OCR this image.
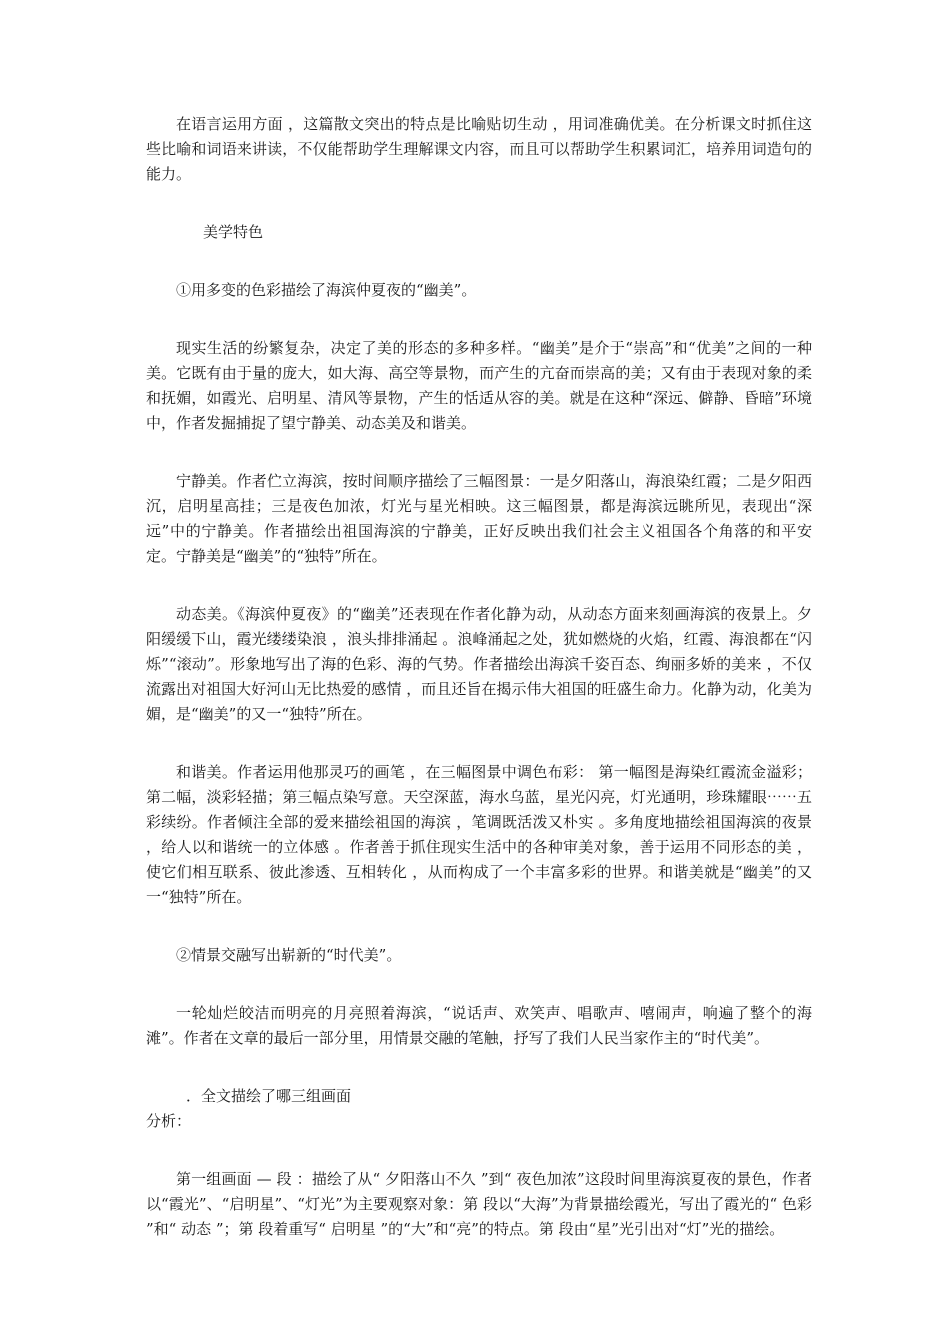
在语言运用方面 ，这篇散文突出的特点是比喻贴切生动 ，用词准确优美。在分析课文时抓住这些比喻和词语来讲读，不仅能帮助学生理解课文内容，而且可以帮助学生积累词汇，培养用词造句的能力。

美学特色

①用多变的色彩描绘了海滨仲夏夜的“幽美”。

现实生活的纷繁复杂，决定了美的形态的多种多样。“幽美”是介于“崇高”和“优美”之间的一种美。它既有由于量的庞大，如大海、高空等景物，而产生的亢奋而崇高的美；又有由于表现对象的柔和抚媚，如霞光、启明星、清风等景物，产生的恬适从容的美。就是在这种“深远、僻静、昏暗”环境中，作者发掘捕捉了望宁静美、动态美及和谐美。

宁静美。作者伫立海滨，按时间顺序描绘了三幅图景：一是夕阳落山，海浪染红霞；二是夕阳西沉，启明星高挂；三是夜色加浓，灯光与星光相映。这三幅图景，都是海滨远眺所见，表现出“深远”中的宁静美。作者描绘出祖国海滨的宁静美，正好反映出我们社会主义祖国各个角落的和平安定。宁静美是“幽美”的“独特”所在。

动态美。《海滨仲夏夜》的“幽美”还表现在作者化静为动，从动态方面来刻画海滨的夜景上。夕阳缓缓下山，霞光缕缕染浪 ，浪头排排涌起 。浪峰涌起之处，犹如燃烧的火焰，红霞、海浪都在“闪烁”“滚动”。形象地写出了海的色彩、海的气势。作者描绘出海滨千姿百态、绚丽多娇的美来 ，不仅流露出对祖国大好河山无比热爱的感情 ，而且还旨在揭示伟大祖国的旺盛生命力。化静为动，化美为媚，是“幽美”的又一“独特”所在。

和谐美。作者运用他那灵巧的画笔 ，在三幅图景中调色布彩： 第一幅图是海染红霞流金溢彩；第二幅，淡彩轻描；第三幅点染写意。天空深蓝，海水乌蓝，星光闪亮，灯光通明，珍珠耀眼⋯⋯五彩续纷。作者倾注全部的爱来描绘祖国的海滨 ，笔调既活泼又朴实 。多角度地描绘祖国海滨的夜景 ，给人以和谐统一的立体感 。作者善于抓住现实生活中的各种审美对象，善于运用不同形态的美 ，使它们相互联系、彼此渗透、互相转化 ，从而构成了一个丰富多彩的世界。和谐美就是“幽美”的又一“独特”所在。

②情景交融写出崭新的“时代美”。

一轮灿烂皎洁而明亮的月亮照着海滨，“说话声、欢笑声、唱歌声、嘻闹声，响遍了整个的海滩”。作者在文章的最后一部分里，用情景交融的笔触，抒写了我们人民当家作主的“时代美”。

．全文描绘了哪三组画面

分析：

第一组画面 — 段 ：描绘了从“ 夕阳落山不久 ”到“ 夜色加浓”这段时间里海滨夏夜的景色，作者以“霞光”、“启明星”、“灯光”为主要观察对象：第 段以“大海”为背景描绘霞光，写出了霞光的“ 色彩 ”和“ 动态 ”；第 段着重写“ 启明星 ”的“大”和“亮”的特点。第 段由“星”光引出对“灯”光的描绘。
